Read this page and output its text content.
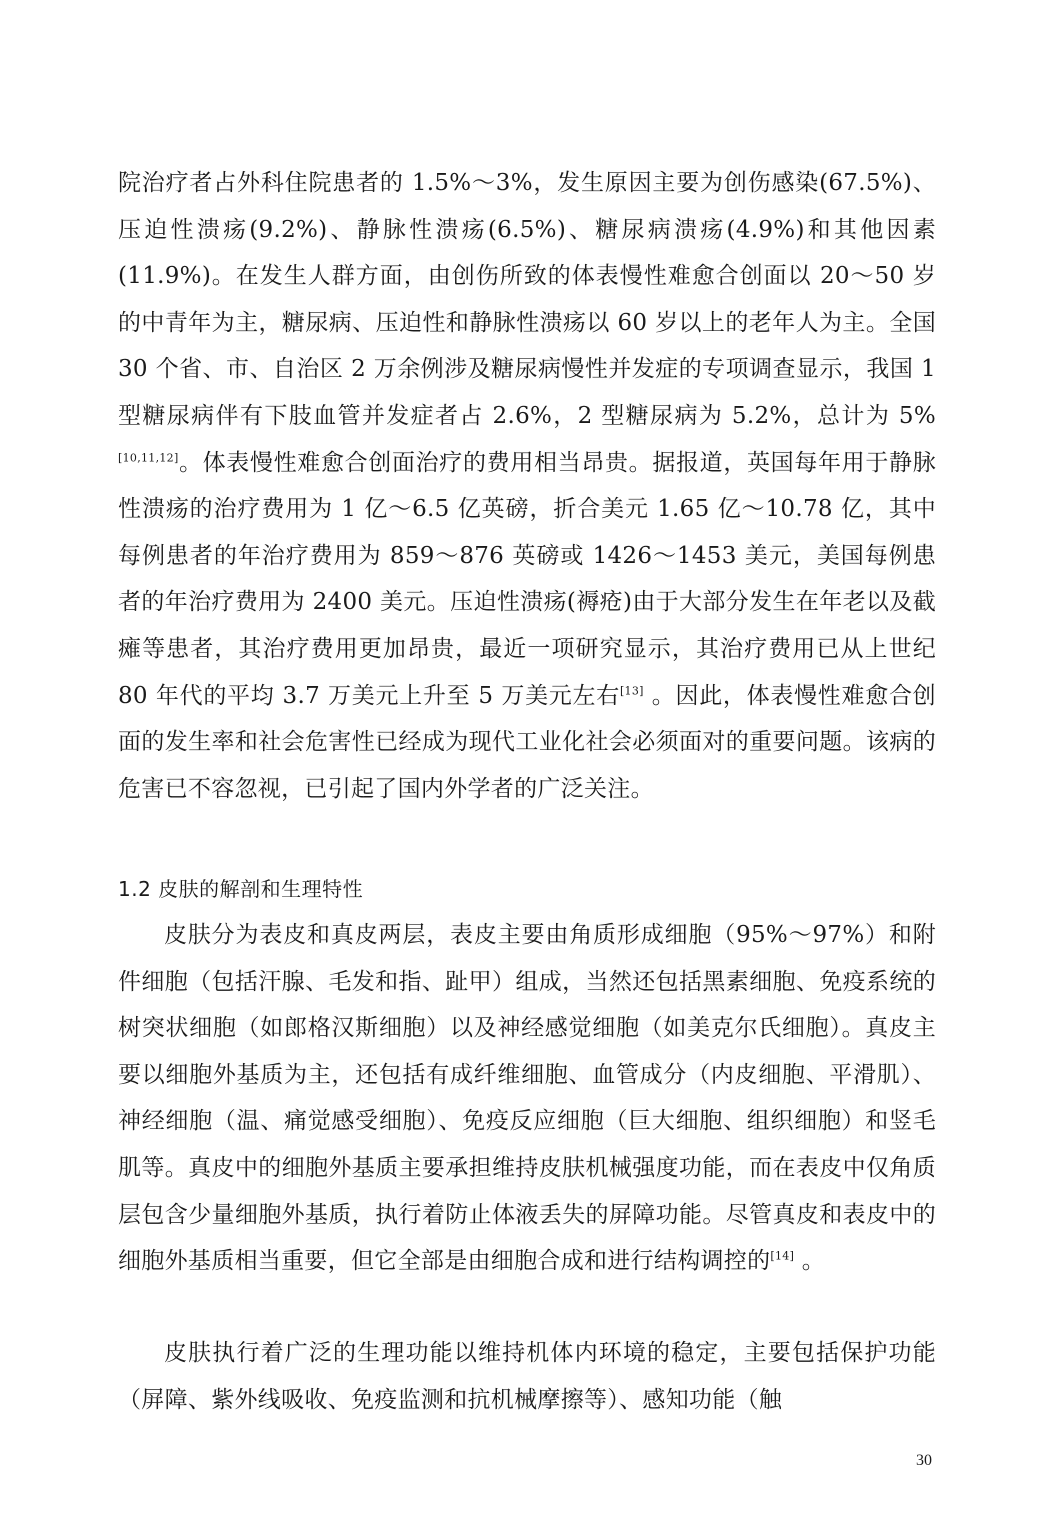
院治疗者占外科住院患者的 1.5%～3%，发生原因主要为创伤感染(67.5%)、压迫性溃疡(9.2%)、静脉性溃疡(6.5%)、糖尿病溃疡(4.9%)和其他因素(11.9%)。在发生人群方面，由创伤所致的体表慢性难愈合创面以 20～50 岁的中青年为主，糖尿病、压迫性和静脉性溃疡以 60 岁以上的老年人为主。全国 30 个省、市、自治区 2 万余例涉及糖尿病慢性并发症的专项调查显示，我国 1 型糖尿病伴有下肢血管并发症者占 2.6%，2 型糖尿病为 5.2%，总计为 5%[10,11,12]。体表慢性难愈合创面治疗的费用相当昂贵。据报道，英国每年用于静脉性溃疡的治疗费用为 1 亿～6.5 亿英磅，折合美元 1.65 亿～10.78 亿，其中每例患者的年治疗费用为 859～876 英磅或 1426～1453 美元，美国每例患者的年治疗费用为 2400 美元。压迫性溃疡(褥疮)由于大部分发生在年老以及截瘫等患者，其治疗费用更加昂贵，最近一项研究显示，其治疗费用已从上世纪 80 年代的平均 3.7 万美元上升至 5 万美元左右[13] 。因此，体表慢性难愈合创面的发生率和社会危害性已经成为现代工业化社会必须面对的重要问题。该病的危害已不容忽视，已引起了国内外学者的广泛关注。

1.2 皮肤的解剖和生理特性

皮肤分为表皮和真皮两层，表皮主要由角质形成细胞（95%～97%）和附件细胞（包括汗腺、毛发和指、趾甲）组成，当然还包括黑素细胞、免疫系统的树突状细胞（如郎格汉斯细胞）以及神经感觉细胞（如美克尔氏细胞）。真皮主要以细胞外基质为主，还包括有成纤维细胞、血管成分（内皮细胞、平滑肌）、神经细胞（温、痛觉感受细胞）、免疫反应细胞（巨大细胞、组织细胞）和竖毛肌等。真皮中的细胞外基质主要承担维持皮肤机械强度功能，而在表皮中仅角质层包含少量细胞外基质，执行着防止体液丢失的屏障功能。尽管真皮和表皮中的细胞外基质相当重要，但它全部是由细胞合成和进行结构调控的[14] 。

皮肤执行着广泛的生理功能以维持机体内环境的稳定，主要包括保护功能（屏障、紫外线吸收、免疫监测和抗机械摩擦等）、感知功能（触

30
